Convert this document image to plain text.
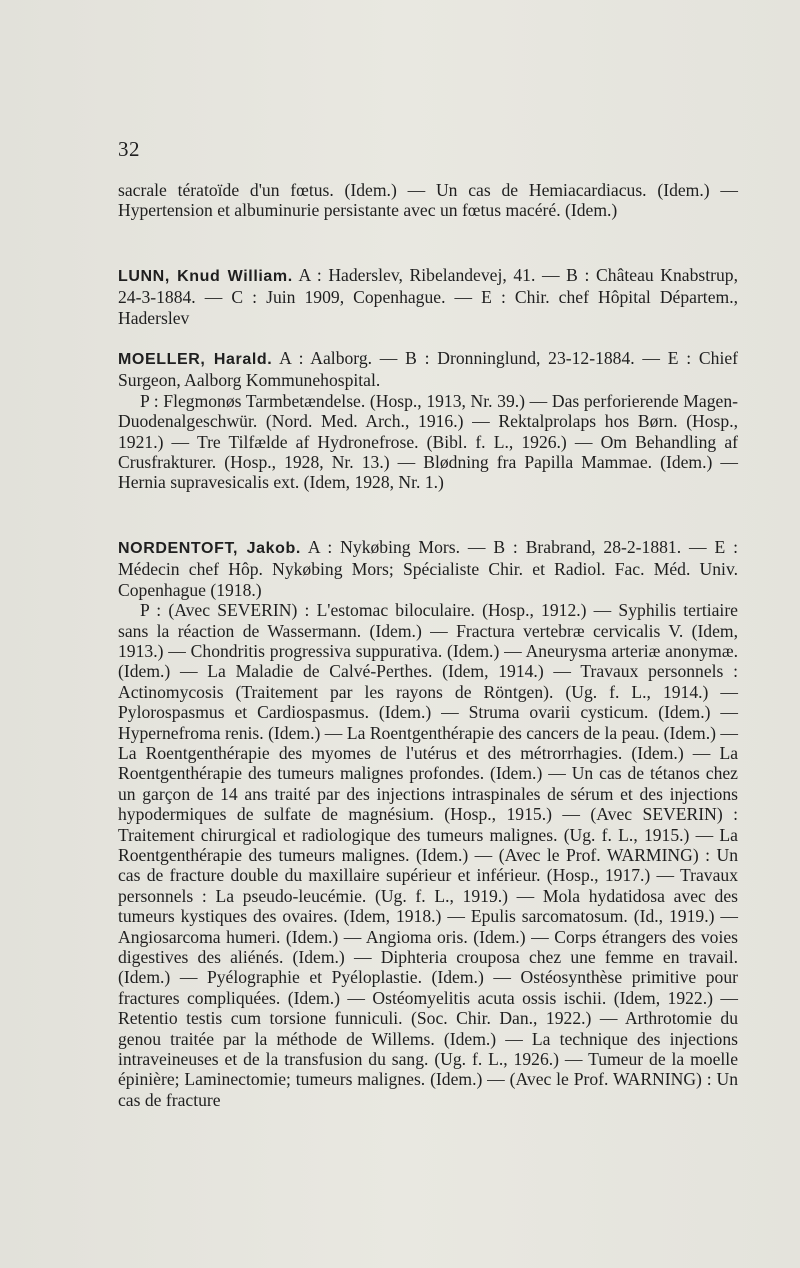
32

sacrale tératoïde d'un fœtus. (Idem.) — Un cas de Hemiacardiacus. (Idem.) — Hypertension et albuminurie persistante avec un fœtus macéré. (Idem.)

LUNN, Knud William. A : Haderslev, Ribelandevej, 41. — B : Château Knabstrup, 24-3-1884. — C : Juin 1909, Copenhague. — E : Chir. chef Hôpital Départem., Haderslev

MOELLER, Harald. A : Aalborg. — B : Dronninglund, 23-12-1884. — E : Chief Surgeon, Aalborg Kommunehospital.

P : Flegmonøs Tarmbetændelse. (Hosp., 1913, Nr. 39.) — Das perforierende Magen-Duodenalgeschwür. (Nord. Med. Arch., 1916.) — Rektalprolaps hos Børn. (Hosp., 1921.) — Tre Tilfælde af Hydronefrose. (Bibl. f. L., 1926.) — Om Behandling af Crusfrakturer. (Hosp., 1928, Nr. 13.) — Blødning fra Papilla Mammae. (Idem.) — Hernia supravesicalis ext. (Idem, 1928, Nr. 1.)

NORDENTOFT, Jakob. A : Nykøbing Mors. — B : Brabrand, 28-2-1881. — E : Médecin chef Hôp. Nykøbing Mors; Spécialiste Chir. et Radiol. Fac. Méd. Univ. Copenhague (1918.)

P : (Avec SEVERIN) : L'estomac biloculaire. (Hosp., 1912.) — Syphilis tertiaire sans la réaction de Wassermann. (Idem.) — Fractura vertebræ cervicalis V. (Idem, 1913.) — Chondritis progressiva suppurativa. (Idem.) — Aneurysma arteriæ anonymæ. (Idem.) — La Maladie de Calvé-Perthes. (Idem, 1914.) — Travaux personnels : Actinomycosis (Traitement par les rayons de Röntgen). (Ug. f. L., 1914.) — Pylorospasmus et Cardiospasmus. (Idem.) — Struma ovarii cysticum. (Idem.) — Hypernefroma renis. (Idem.) — La Roentgenthérapie des cancers de la peau. (Idem.) — La Roentgenthérapie des myomes de l'utérus et des métrorrhagies. (Idem.) — La Roentgenthérapie des tumeurs malignes profondes. (Idem.) — Un cas de tétanos chez un garçon de 14 ans traité par des injections intraspinales de sérum et des injections hypodermiques de sulfate de magnésium. (Hosp., 1915.) — (Avec SEVERIN) : Traitement chirurgical et radiologique des tumeurs malignes. (Ug. f. L., 1915.) — La Roentgenthérapie des tumeurs malignes. (Idem.) — (Avec le Prof. WARMING) : Un cas de fracture double du maxillaire supérieur et inférieur. (Hosp., 1917.) — Travaux personnels : La pseudo-leucémie. (Ug. f. L., 1919.) — Mola hydatidosa avec des tumeurs kystiques des ovaires. (Idem, 1918.) — Epulis sarcomatosum. (Id., 1919.) — Angiosarcoma humeri. (Idem.) — Angioma oris. (Idem.) — Corps étrangers des voies digestives des aliénés. (Idem.) — Diphteria crouposa chez une femme en travail. (Idem.) — Pyélographie et Pyéloplastie. (Idem.) — Ostéosynthèse primitive pour fractures compliquées. (Idem.) — Ostéomyelitis acuta ossis ischii. (Idem, 1922.) — Retentio testis cum torsione funniculi. (Soc. Chir. Dan., 1922.) — Arthrotomie du genou traitée par la méthode de Willems. (Idem.) — La technique des injections intraveineuses et de la transfusion du sang. (Ug. f. L., 1926.) — Tumeur de la moelle épinière; Laminectomie; tumeurs malignes. (Idem.) — (Avec le Prof. WARNING) : Un cas de fracture
